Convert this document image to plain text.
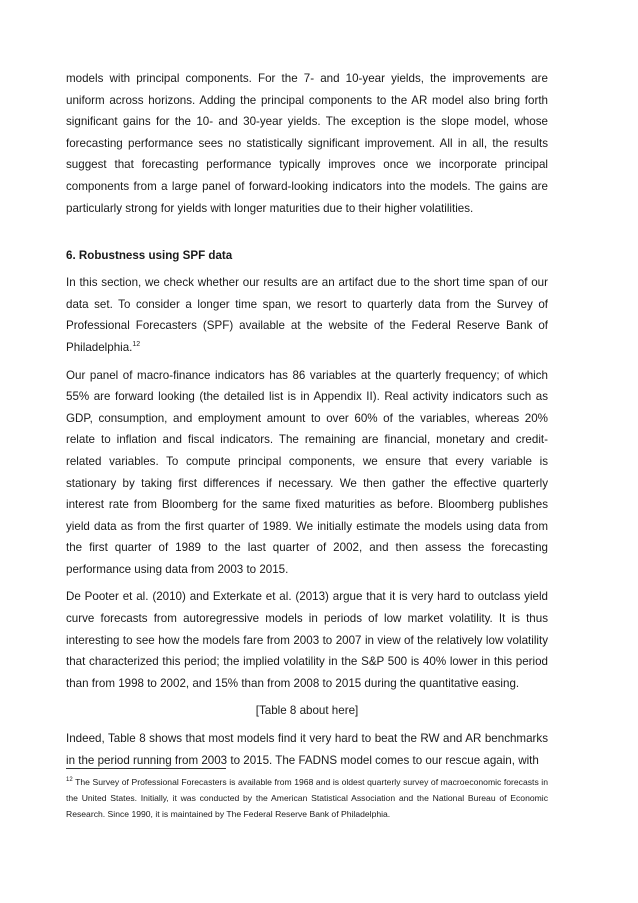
models with principal components. For the 7- and 10-year yields, the improvements are uniform across horizons. Adding the principal components to the AR model also bring forth significant gains for the 10- and 30-year yields. The exception is the slope model, whose forecasting performance sees no statistically significant improvement. All in all, the results suggest that forecasting performance typically improves once we incorporate principal components from a large panel of forward-looking indicators into the models. The gains are particularly strong for yields with longer maturities due to their higher volatilities.

6. Robustness using SPF data

In this section, we check whether our results are an artifact due to the short time span of our data set. To consider a longer time span, we resort to quarterly data from the Survey of Professional Forecasters (SPF) available at the website of the Federal Reserve Bank of Philadelphia.$^{12}$

Our panel of macro-finance indicators has 86 variables at the quarterly frequency; of which 55% are forward looking (the detailed list is in Appendix II). Real activity indicators such as GDP, consumption, and employment amount to over 60% of the variables, whereas 20% relate to inflation and fiscal indicators. The remaining are financial, monetary and credit-related variables. To compute principal components, we ensure that every variable is stationary by taking first differences if necessary. We then gather the effective quarterly interest rate from Bloomberg for the same fixed maturities as before. Bloomberg publishes yield data as from the first quarter of 1989. We initially estimate the models using data from the first quarter of 1989 to the last quarter of 2002, and then assess the forecasting performance using data from 2003 to 2015.

De Pooter et al. (2010) and Exterkate et al. (2013) argue that it is very hard to outclass yield curve forecasts from autoregressive models in periods of low market volatility. It is thus interesting to see how the models fare from 2003 to 2007 in view of the relatively low volatility that characterized this period; the implied volatility in the S&P 500 is 40% lower in this period than from 1998 to 2002, and 15% than from 2008 to 2015 during the quantitative easing.

[Table 8 about here]

Indeed, Table 8 shows that most models find it very hard to beat the RW and AR benchmarks in the period running from 2003 to 2015. The FADNS model comes to our rescue again, with

$^{12}$ The Survey of Professional Forecasters is available from 1968 and is oldest quarterly survey of macroeconomic forecasts in the United States. Initially, it was conducted by the American Statistical Association and the National Bureau of Economic Research. Since 1990, it is maintained by The Federal Reserve Bank of Philadelphia.
